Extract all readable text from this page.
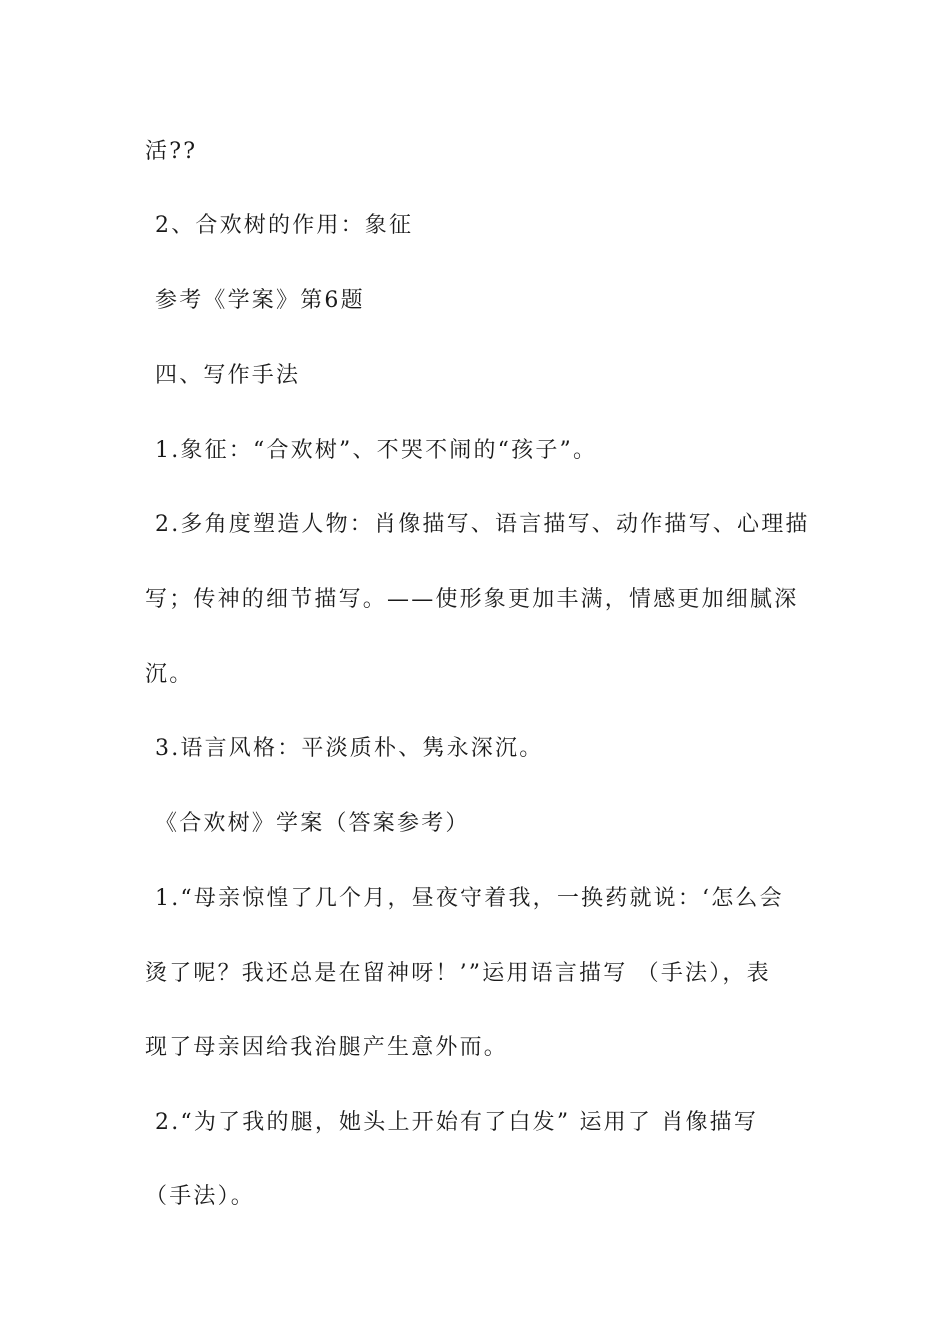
活??
2、合欢树的作用：象征
参考《学案》第6题
四、写作手法
1.象征：“合欢树”、不哭不闹的“孩子”。
2.多角度塑造人物：肖像描写、语言描写、动作描写、心理描
写；传神的细节描写。——使形象更加丰满，情感更加细腻深
沉。
3.语言风格：平淡质朴、隽永深沉。
《合欢树》学案（答案参考）
1.“母亲惊惶了几个月，昼夜守着我，一换药就说：‘怎么会
烫了呢？我还总是在留神呀！’”运用语言描写 （手法），表
现了母亲因给我治腿产生意外而。
2.“为了我的腿，她头上开始有了白发” 运用了 肖像描写
（手法）。
